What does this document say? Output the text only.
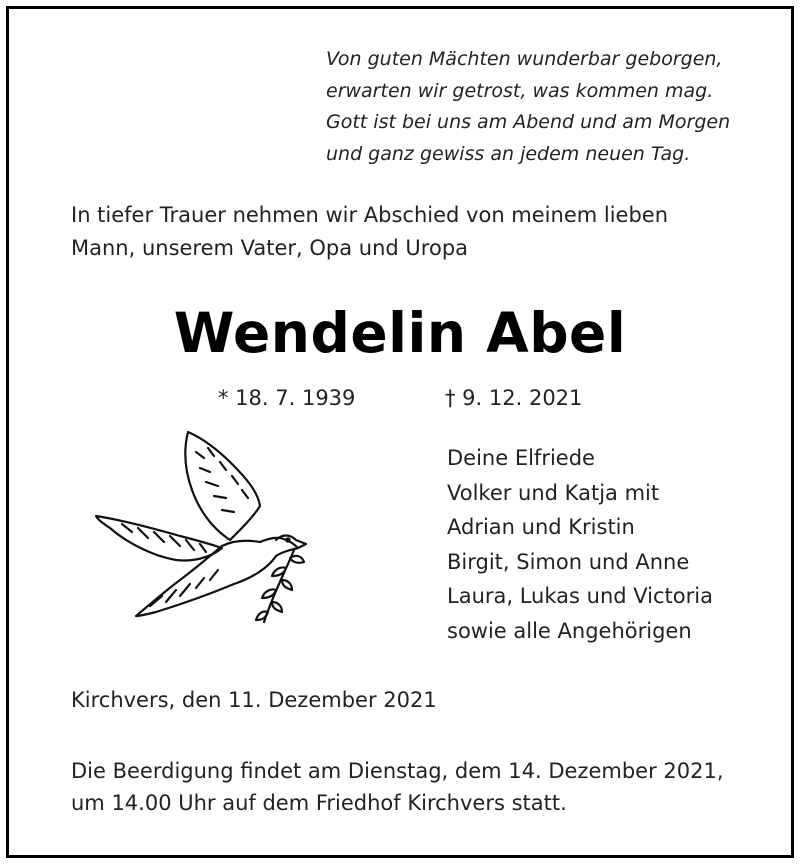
Von guten Mächten wunderbar geborgen,
erwarten wir getrost, was kommen mag.
Gott ist bei uns am Abend und am Morgen
und ganz gewiss an jedem neuen Tag.
In tiefer Trauer nehmen wir Abschied von meinem lieben
Mann, unserem Vater, Opa und Uropa
Wendelin Abel
* 18. 7. 1939	† 9. 12. 2021
Deine Elfriede
Volker und Katja mit
Adrian und Kristin
Birgit, Simon und Anne
Laura, Lukas und Victoria
sowie alle Angehörigen
Kirchvers, den 11. Dezember 2021
Die Beerdigung findet am Dienstag, dem 14. Dezember 2021,
um 14.00 Uhr auf dem Friedhof Kirchvers statt.
